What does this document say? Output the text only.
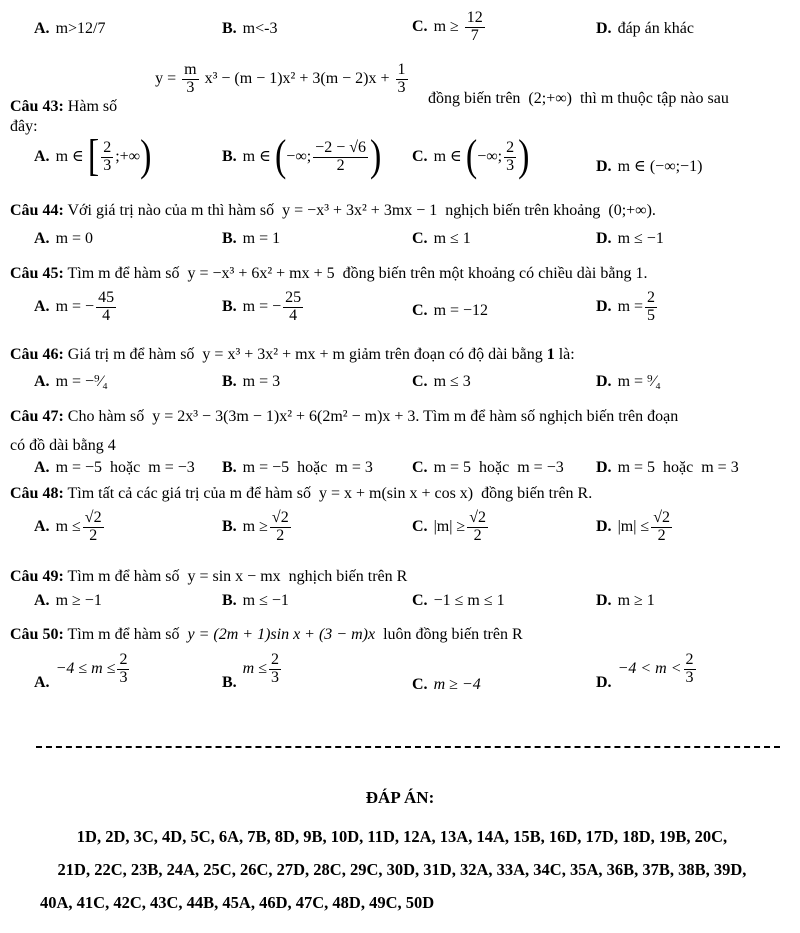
A. m>12/7	B. m<-3	C. $m \ge \frac{12}{7}$	D. đáp án khác
Câu 43: Hàm số $y = \frac{m}{3} x^3 - (m - 1)x^2 + 3(m - 2)x + \frac{1}{3}$
đồng biến trên (2;+∞) thì m thuộc tập nào sau
đây:
A. m ∈ [ $\frac{2}{3}$ ;+∞)	B. m ∈ (−∞; $\frac{-2 - √6}{2}$ ) C. m ∈ (−∞; $\frac{2}{3}$ )	D. m ∈ (−∞;−1)
Câu 44: Với giá trị nào của m thì hàm số y = −x³ + 3x² + 3mx − 1 nghịch biến trên khoảng (0;+∞).
A. m = 0	B. m = 1	C. m ≤ 1	D. m ≤ −1
Câu 45: Tìm m để hàm số y = −x³ + 6x² + mx + 5 đồng biến trên một khoảng có chiều dài bằng 1.
A. m = − $\frac{45}{4}$	B. m = − $\frac{25}{4}$	C. m = −12	D. $m = \frac{2}{5}$
Câu 46: Giá trị m để hàm số y = x³ + 3x² + mx + m giảm trên đoạn có độ dài bằng 1 là:
A. m = −⁹⁄₄	B. m = 3	C. m ≤ 3	D. m = ⁹⁄₄
Câu 47: Cho hàm số y = 2x³ − 3(3m − 1)x² + 6(2m² − m)x + 3. Tìm m để hàm số nghịch biến trên đoạn
có đồ dài bằng 4
A. m = −5  hoặc  m = −3 B. m = −5  hoặc  m = 3 C. m = 5  hoặc  m = −3 D. m = 5  hoặc  m = 3
Câu 48: Tìm tất cả các giá trị của m để hàm số y = x + m(sin x + cos x) đồng biến trên R.
A. $m \le \frac{√2}{2}$	B. $m \ge \frac{√2}{2}$	C. $|m| \ge \frac{√2}{2}$	D. $|m| \le \frac{√2}{2}$
Câu 49: Tìm m để hàm số y = sin x − mx nghịch biến trên R
A. m ≥ −1	B. m ≤ −1	C. −1 ≤ m ≤ 1	D. m ≥ 1
Câu 50: Tìm m để hàm số y = (2m + 1)sin x + (3 − m)x luôn đồng biến trên R
$A.-4 \le m \le \frac{2}{3}$	$B.m \le \frac{2}{3}$	C. m ≥ −4	$D.-4 < m < \frac{2}{3}$
ĐÁP ÁN:
1D, 2D, 3C, 4D, 5C, 6A, 7B, 8D, 9B, 10D, 11D, 12A, 13A, 14A, 15B, 16D, 17D, 18D, 19B, 20C,
21D, 22C, 23B, 24A, 25C, 26C, 27D, 28C, 29C, 30D, 31D, 32A, 33A, 34C, 35A, 36B, 37B, 38B, 39D,
40A, 41C, 42C, 43C, 44B, 45A, 46D, 47C, 48D, 49C, 50D
